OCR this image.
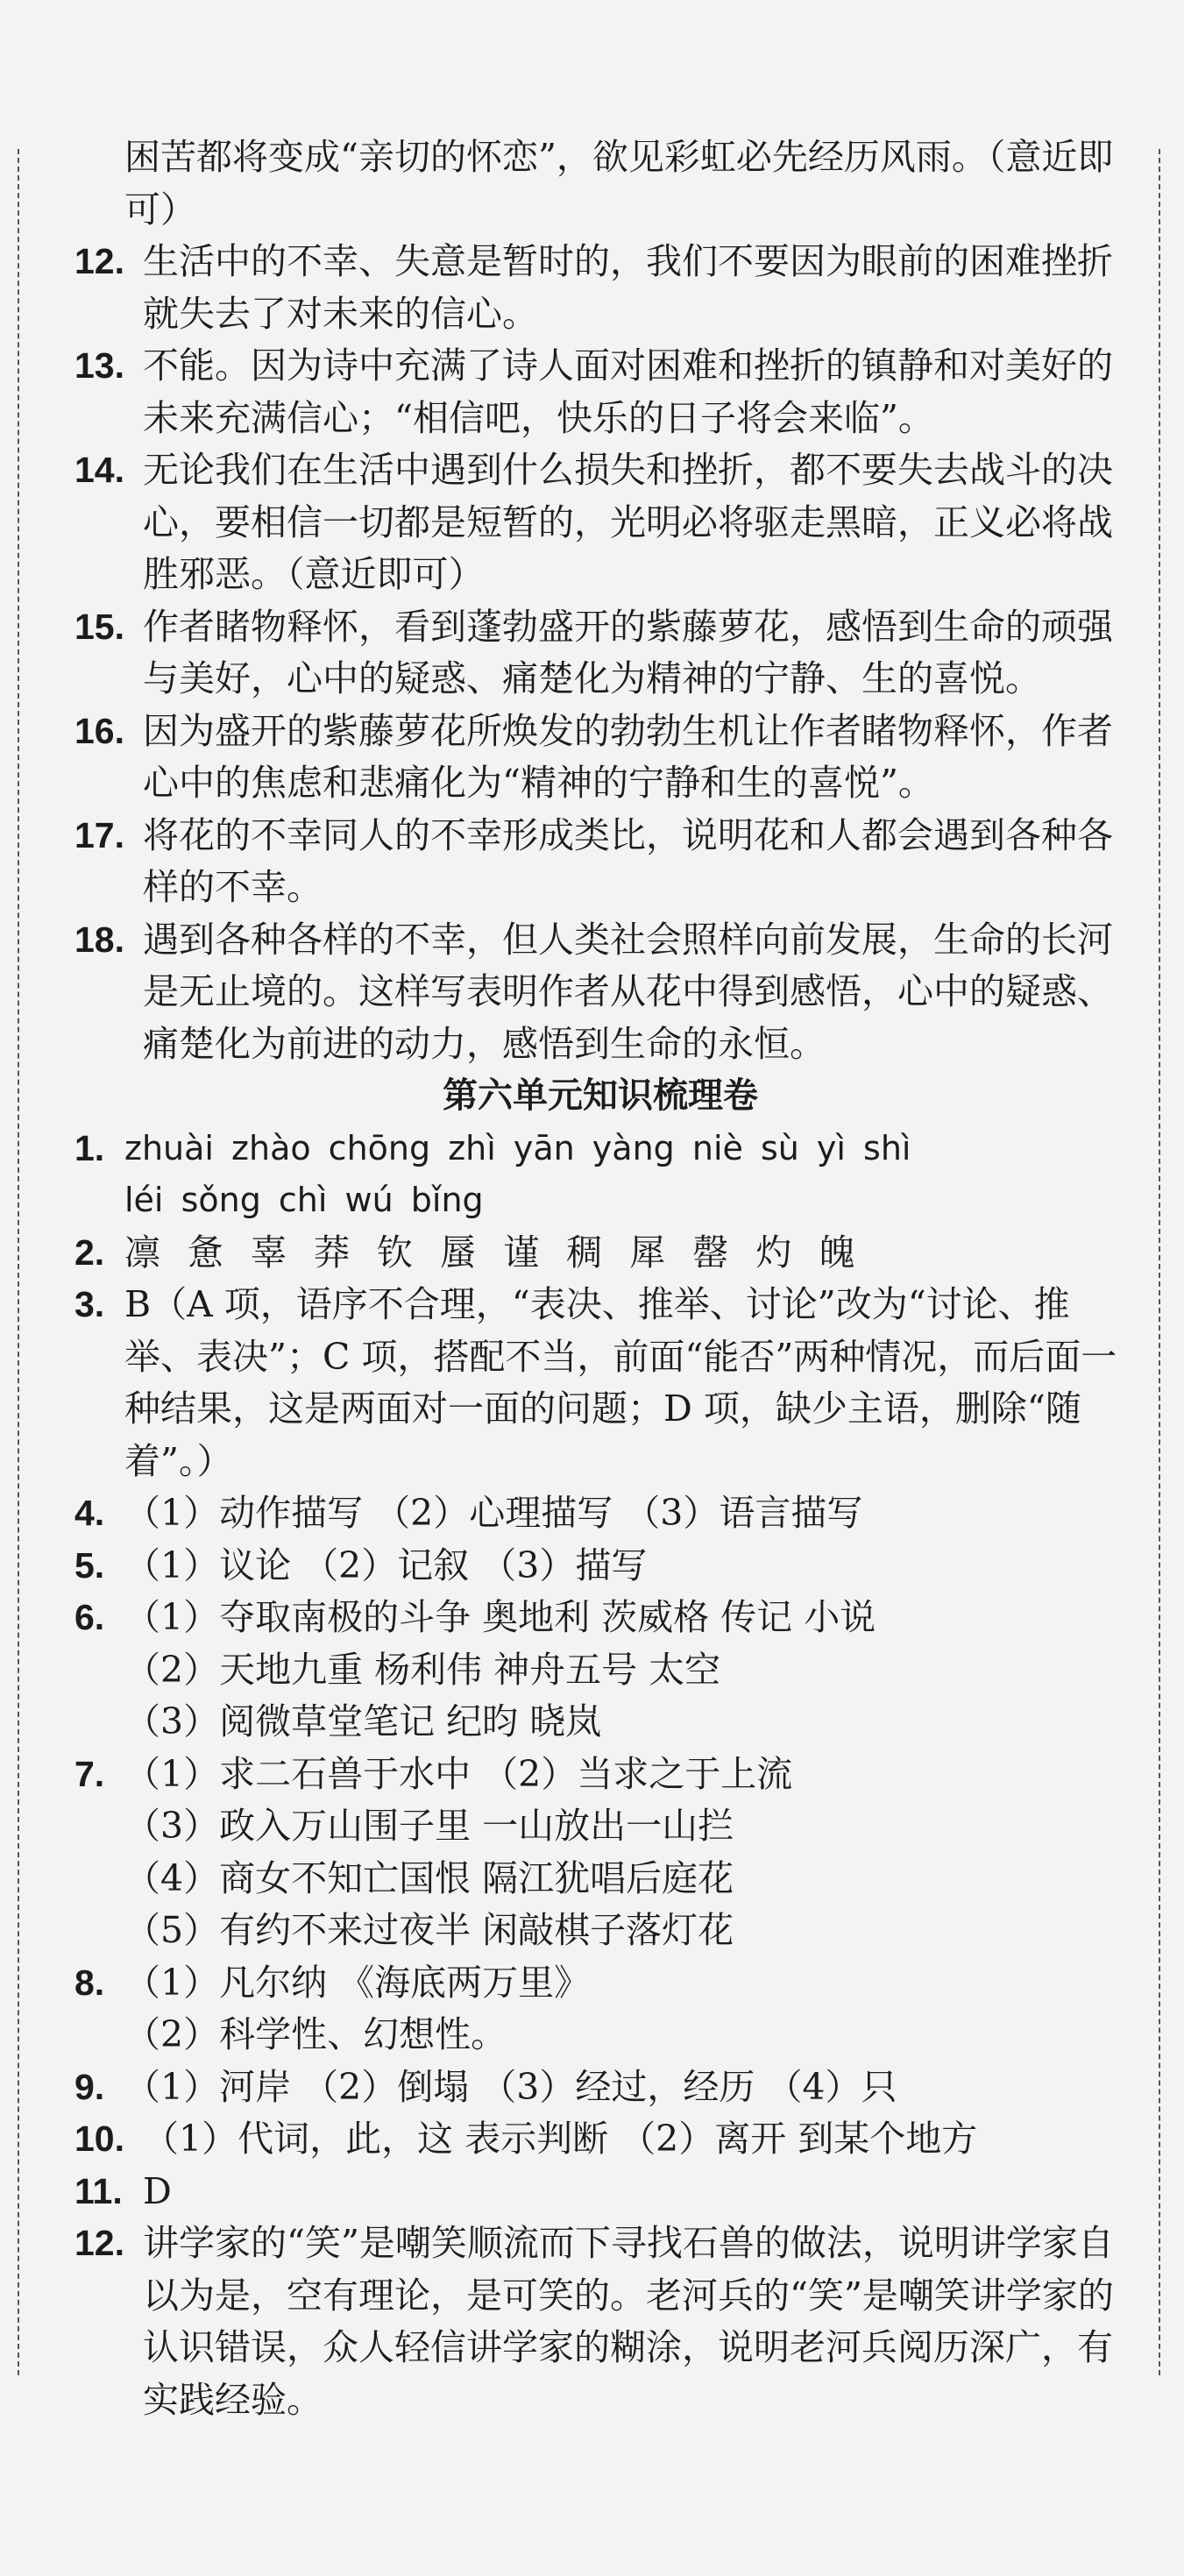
困苦都将变成“亲切的怀恋”，欲见彩虹必先经历风雨。（意近即可）

12. 生活中的不幸、失意是暂时的，我们不要因为眼前的困难挫折就失去了对未来的信心。

13. 不能。因为诗中充满了诗人面对困难和挫折的镇静和对美好的未来充满信心；“相信吧，快乐的日子将会来临”。

14. 无论我们在生活中遇到什么损失和挫折，都不要失去战斗的决心，要相信一切都是短暂的，光明必将驱走黑暗，正义必将战胜邪恶。（意近即可）

15. 作者睹物释怀，看到蓬勃盛开的紫藤萝花，感悟到生命的顽强与美好，心中的疑惑、痛楚化为精神的宁静、生的喜悦。

16. 因为盛开的紫藤萝花所焕发的勃勃生机让作者睹物释怀，作者心中的焦虑和悲痛化为“精神的宁静和生的喜悦”。

17. 将花的不幸同人的不幸形成类比，说明花和人都会遇到各种各样的不幸。

18. 遇到各种各样的不幸，但人类社会照样向前发展，生命的长河是无止境的。这样写表明作者从花中得到感悟，心中的疑惑、痛楚化为前进的动力，感悟到生命的永恒。

第六单元知识梳理卷

1. zhuài zhào chōng zhì yān yàng niè sù yì shì
léi sǒng chì wú bǐng

2. 凛 惫 辜 莽 钦 蜃 谨 稠 犀 罄 灼 魄

3. B（A 项，语序不合理，“表决、推举、讨论”改为“讨论、推举、表决”；C 项，搭配不当，前面“能否”两种情况，而后面一种结果，这是两面对一面的问题；D 项，缺少主语，删除“随着”。）

4. （1）动作描写 （2）心理描写 （3）语言描写

5. （1）议论 （2）记叙 （3）描写

6. （1）夺取南极的斗争 奥地利 茨威格 传记 小说
（2）天地九重 杨利伟 神舟五号 太空
（3）阅微草堂笔记 纪昀 晓岚

7. （1）求二石兽于水中 （2）当求之于上流
（3）政入万山围子里 一山放出一山拦
（4）商女不知亡国恨 隔江犹唱后庭花
（5）有约不来过夜半 闲敲棋子落灯花

8. （1）凡尔纳 《海底两万里》
（2）科学性、幻想性。

9. （1）河岸 （2）倒塌 （3）经过，经历 （4）只

10. （1）代词，此，这 表示判断 （2）离开 到某个地方

11. D

12. 讲学家的“笑”是嘲笑顺流而下寻找石兽的做法，说明讲学家自以为是，空有理论，是可笑的。老河兵的“笑”是嘲笑讲学家的认识错误，众人轻信讲学家的糊涂，说明老河兵阅历深广，有实践经验。
